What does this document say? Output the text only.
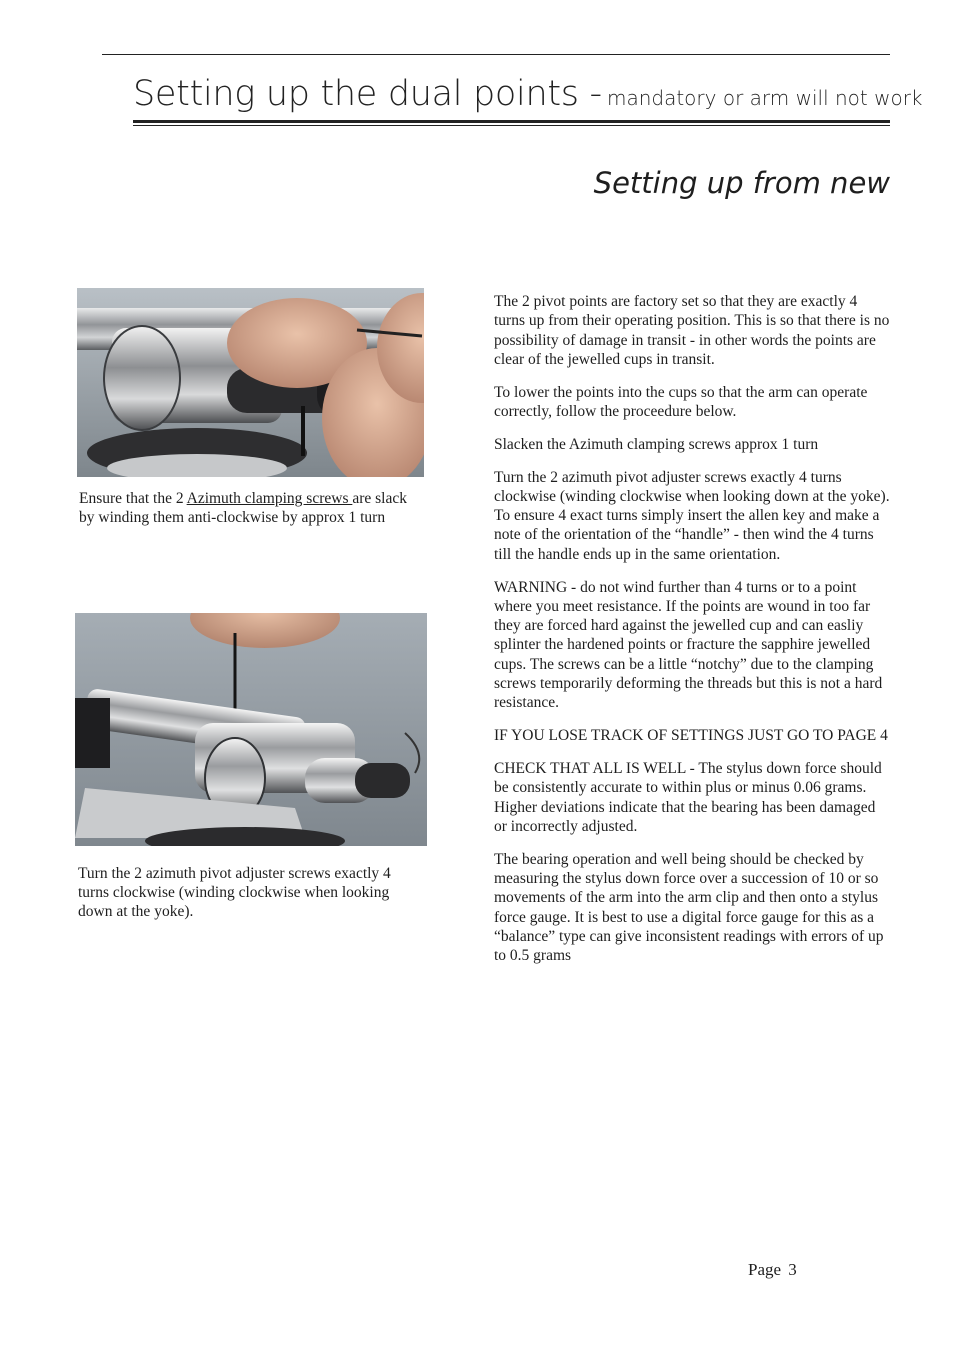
Setting up the dual points - mandatory or arm will not work
Setting up from new
Ensure that the 2 Azimuth clamping screws are slack by winding them anti-clockwise by approx 1 turn
Turn the 2 azimuth pivot adjuster screws exactly 4 turns clockwise (winding clockwise when looking down at the yoke).

The 2 pivot points are factory set so that they are exactly 4 turns up from their operating position. This is so that there is no possibility of damage in transit - in other words the points are clear of the jewelled cups in transit.

To lower the points into the cups so that the arm can operate correctly, follow the proceedure below.

Slacken the Azimuth clamping screws approx 1 turn

Turn the 2 azimuth pivot adjuster screws exactly 4 turns clockwise (winding clockwise when looking down at the yoke). To ensure 4 exact turns simply insert the allen key and make a note of the orientation of the “handle” - then wind the 4 turns till the handle ends up in the same orientation.

WARNING - do not wind further than 4 turns or to a point where you meet resistance. If the points are wound in too far they are forced hard against the jewelled cup and can easliy splinter the hardened points or fracture the sapphire jewelled cups. The screws can be a little “notchy” due to the clamping screws temporarily deforming the threads but this is not a hard resistance.

IF YOU LOSE TRACK OF SETTINGS JUST GO TO PAGE 4

CHECK THAT ALL IS WELL - The stylus down force should be consistently accurate to within plus or minus 0.06 grams. Higher deviations indicate that the bearing has been damaged or incorrectly adjusted.

The bearing operation and well being should be checked by measuring the stylus down force over a succession of 10 or so movements of the arm into the arm clip and then onto a stylus force gauge. It is best to use a digital force gauge for this as a “balance” type can give inconsistent readings with errors of up to 0.5 grams

Page 3
